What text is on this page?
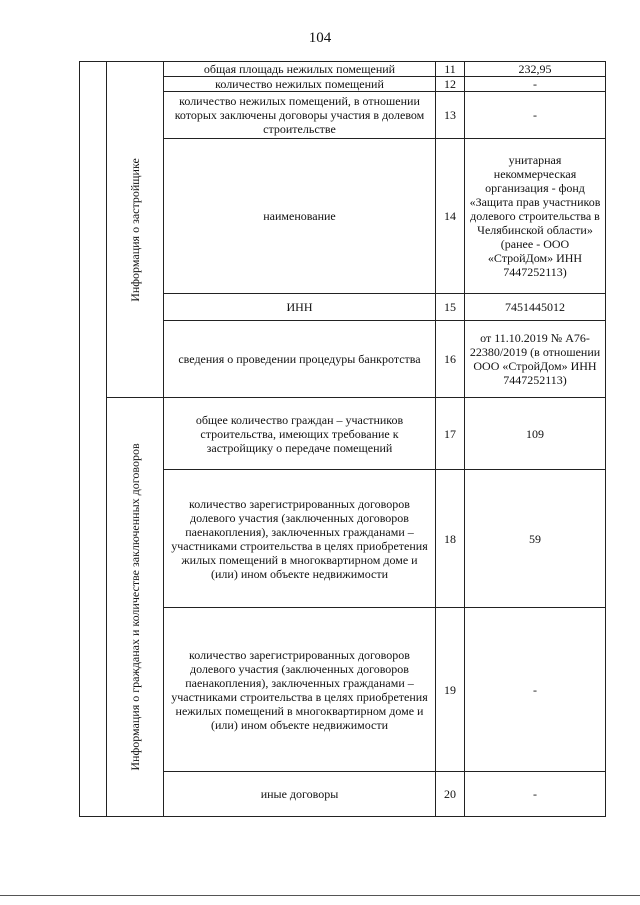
104

	Информация о застройщике	общая площадь нежилых помещений	11	232,95
		количество нежилых помещений	12	-
		количество нежилых помещений, в отношении которых заключены договоры участия в долевом строительстве	13	-
		наименование	14	унитарная некоммерческая организация - фонд «Защита прав участников долевого строительства в Челябинской области» (ранее - ООО «СтройДом» ИНН 7447252113)
		ИНН	15	7451445012
		сведения о проведении процедуры банкротства	16	от 11.10.2019 № А76-22380/2019 (в отношении ООО «СтройДом» ИНН 7447252113)

	Информация о гражданах и количестве заключенных договоров	общее количество граждан – участников строительства, имеющих требование к застройщику о передаче помещений	17	109
		количество зарегистрированных договоров долевого участия (заключенных договоров паенакопления), заключенных гражданами – участниками строительства в целях приобретения жилых помещений в многоквартирном доме и (или) ином объекте недвижимости	18	59
		количество зарегистрированных договоров долевого участия (заключенных договоров паенакопления), заключенных гражданами – участниками строительства в целях приобретения нежилых помещений в многоквартирном доме и (или) ином объекте недвижимости	19	-
		иные договоры	20	-
